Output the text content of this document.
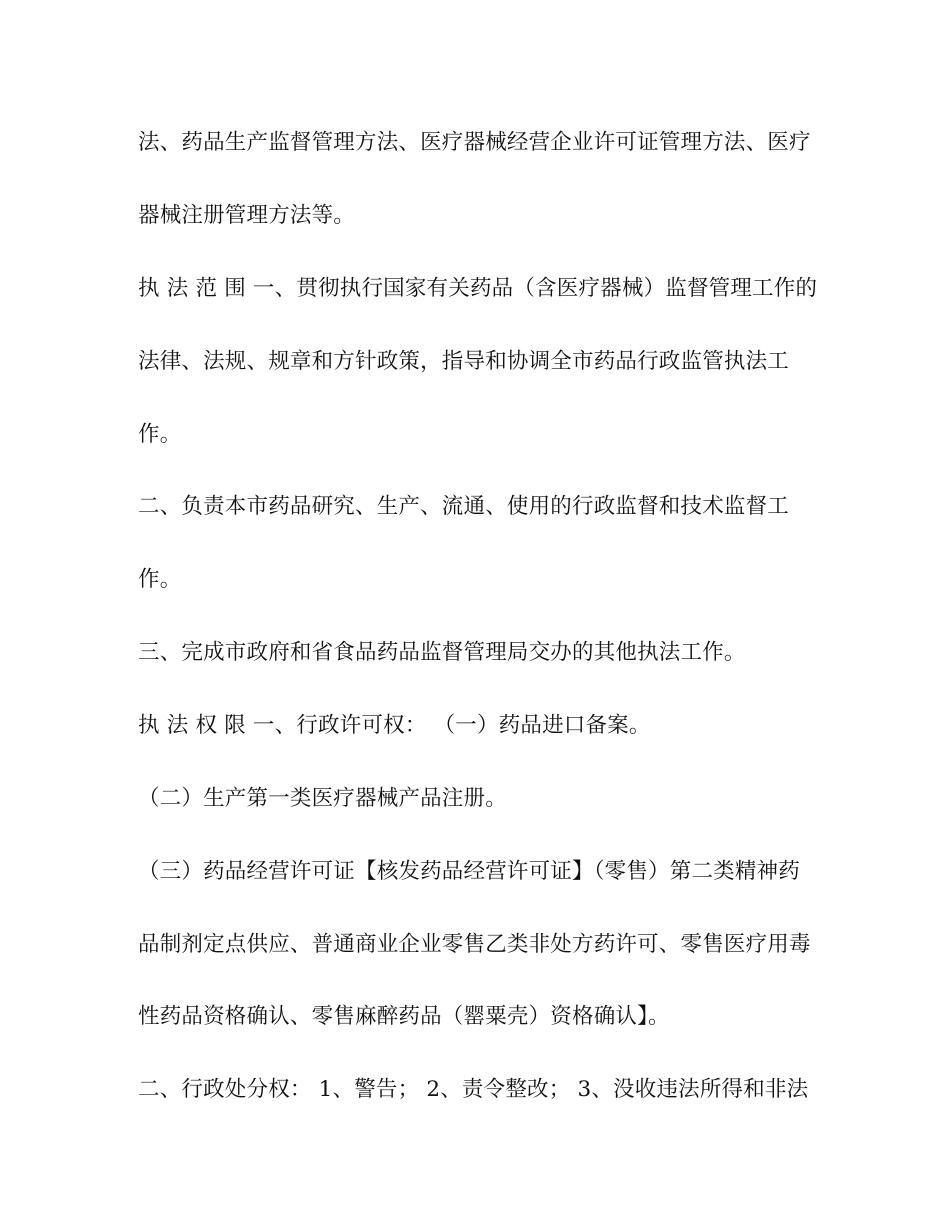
法、药品生产监督管理方法、医疗器械经营企业许可证管理方法、医疗
器械注册管理方法等。
执 法 范 围 一、贯彻执行国家有关药品（含医疗器械）监督管理工作的
法律、法规、规章和方针政策，指导和协调全市药品行政监管执法工
作。
二、负责本市药品研究、生产、流通、使用的行政监督和技术监督工
作。
三、完成市政府和省食品药品监督管理局交办的其他执法工作。
执 法 权 限 一、行政许可权： （一）药品进口备案。
（二）生产第一类医疗器械产品注册。
（三）药品经营许可证【核发药品经营许可证】（零售）第二类精神药
品制剂定点供应、普通商业企业零售乙类非处方药许可、零售医疗用毒
性药品资格确认、零售麻醉药品（罂粟壳）资格确认】。
二、行政处分权： 1、警告； 2、责令整改； 3、没收违法所得和非法
